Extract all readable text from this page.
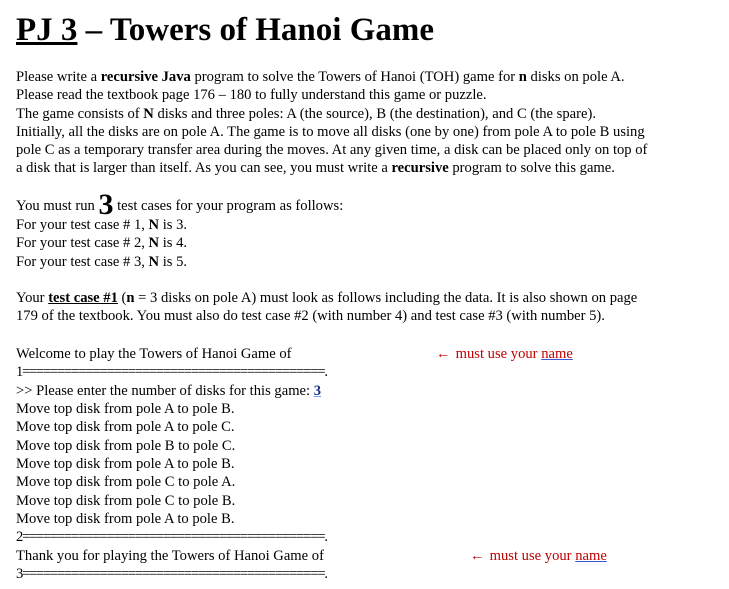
PJ 3 – Towers of Hanoi Game
Please write a recursive Java program to solve the Towers of Hanoi (TOH) game for n disks on pole A.
Please read the textbook page 176 – 180 to fully understand this game or puzzle.
The game consists of N disks and three poles: A (the source), B (the destination), and C (the spare).
Initially, all the disks are on pole A. The game is to move all disks (one by one) from pole A to pole B using
pole C as a temporary transfer area during the moves. At any given time, a disk can be placed only on top of
a disk that is larger than itself. As you can see, you must write a recursive program to solve this game.
You must run 3 test cases for your program as follows:
For your test case # 1, N is 3.
For your test case # 2, N is 4.
For your test case # 3, N is 5.
Your test case #1 (n = 3 disks on pole A) must look as follows including the data. It is also shown on page
179 of the textbook. You must also do test case #2 (with number 4) and test case #3 (with number 5).
Welcome to play the Towers of Hanoi Game of	← must use your name
1===========================================.
>> Please enter the number of disks for this game: 3
Move top disk from pole A to pole B.
Move top disk from pole A to pole C.
Move top disk from pole B to pole C.
Move top disk from pole A to pole B.
Move top disk from pole C to pole A.
Move top disk from pole C to pole B.
Move top disk from pole A to pole B.
2===========================================.
Thank you for playing the Towers of Hanoi Game of	← must use your name
3===========================================.
